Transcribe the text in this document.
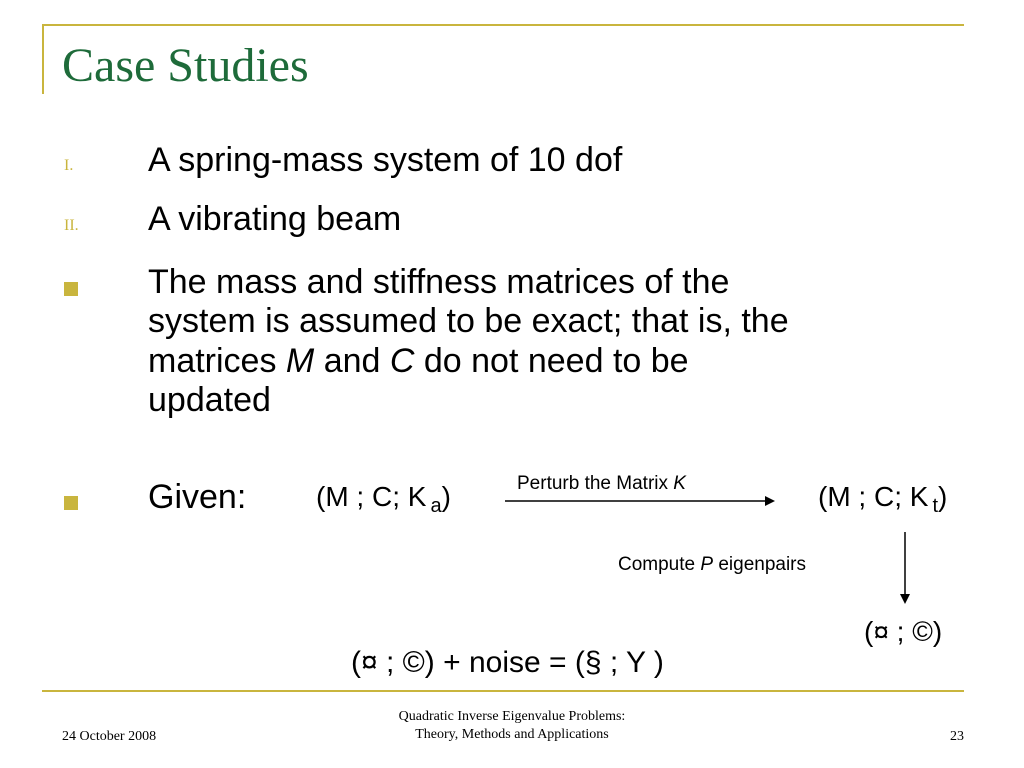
Case Studies
I. A spring-mass system of 10 dof
II. A vibrating beam
The mass and stiffness matrices of the
system is assumed to be exact; that is, the
matrices M and C do not need to be
updated
Given: (M ; C; K $_a$)	Perturb the Matrix K	(M ; C; K $_t$)
Compute P eigenpairs
(¤ ; ©)
(¤ ; ©) + noise = (§ ; Y )
24 October 2008
Quadratic Inverse Eigenvalue Problems:
Theory, Methods and Applications	23
